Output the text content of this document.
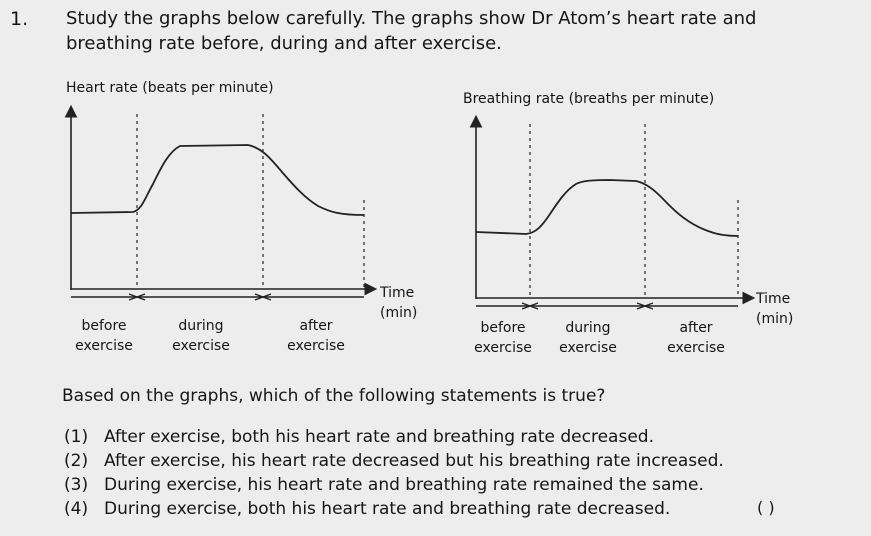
1. Study the graphs below carefully. The graphs show Dr Atom’s heart rate and
breathing rate before, during and after exercise.
Heart rate (beats per minute)
Time
(min)
before
exercise
during
exercise
after
exercise
Breathing rate (breaths per minute)
Time
(min)
before
exercise
during
exercise
after
exercise
Based on the graphs, which of the following statements is true?
(1) After exercise, both his heart rate and breathing rate decreased.
(2) After exercise, his heart rate decreased but his breathing rate increased.
(3) During exercise, his heart rate and breathing rate remained the same.
(4) During exercise, both his heart rate and breathing rate decreased.	( )
